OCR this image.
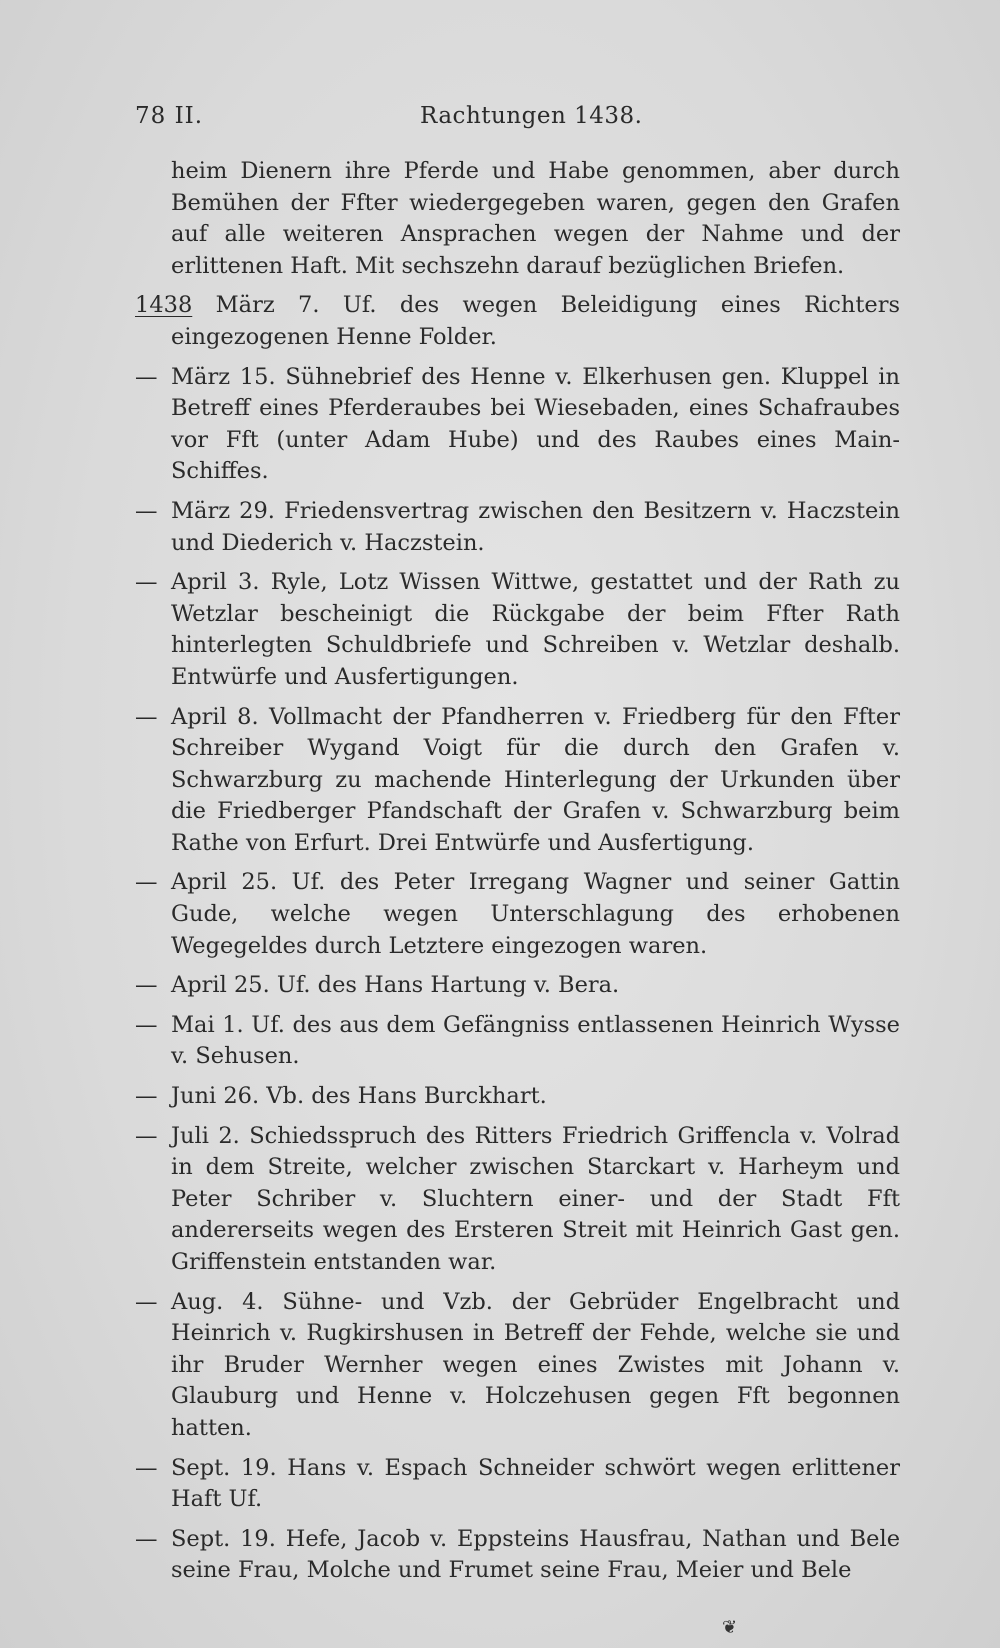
78 II.	Rachtungen 1438.
heim Dienern ihre Pferde und Habe genommen, aber durch Bemühen der Ffter wiedergegeben waren, gegen den Grafen auf alle weiteren Ansprachen wegen der Nahme und der erlittenen Haft. Mit sechszehn darauf bezüglichen Briefen.
1438 März 7. Uf. des wegen Beleidigung eines Richters eingezogenen Henne Folder.
— März 15. Sühnebrief des Henne v. Elkerhusen gen. Kluppel in Betreff eines Pferderaubes bei Wiesebaden, eines Schafraubes vor Fft (unter Adam Hube) und des Raubes eines Main-Schiffes.
— März 29. Friedensvertrag zwischen den Besitzern v. Haczstein und Diederich v. Haczstein.
— April 3. Ryle, Lotz Wissen Wittwe, gestattet und der Rath zu Wetzlar bescheinigt die Rückgabe der beim Ffter Rath hinterlegten Schuldbriefe und Schreiben v. Wetzlar deshalb. Entwürfe und Ausfertigungen.
— April 8. Vollmacht der Pfandherren v. Friedberg für den Ffter Schreiber Wygand Voigt für die durch den Grafen v. Schwarzburg zu machende Hinterlegung der Urkunden über die Friedberger Pfandschaft der Grafen v. Schwarzburg beim Rathe von Erfurt. Drei Entwürfe und Ausfertigung.
— April 25. Uf. des Peter Irregang Wagner und seiner Gattin Gude, welche wegen Unterschlagung des erhobenen Wegegeldes durch Letztere eingezogen waren.
— April 25. Uf. des Hans Hartung v. Bera.
— Mai 1. Uf. des aus dem Gefängniss entlassenen Heinrich Wysse v. Sehusen.
— Juni 26. Vb. des Hans Burckhart.
— Juli 2. Schiedsspruch des Ritters Friedrich Griffencla v. Volrad in dem Streite, welcher zwischen Starckart v. Harheym und Peter Schriber v. Sluchtern einer- und der Stadt Fft andererseits wegen des Ersteren Streit mit Heinrich Gast gen. Griffenstein entstanden war.
— Aug. 4. Sühne- und Vzb. der Gebrüder Engelbracht und Heinrich v. Rugkirshusen in Betreff der Fehde, welche sie und ihr Bruder Wernher wegen eines Zwistes mit Johann v. Glauburg und Henne v. Holczehusen gegen Fft begonnen hatten.
— Sept. 19. Hans v. Espach Schneider schwört wegen erlittener Haft Uf.
— Sept. 19. Hefe, Jacob v. Eppsteins Hausfrau, Nathan und Bele seine Frau, Molche und Frumet seine Frau, Meier und Bele
❦
